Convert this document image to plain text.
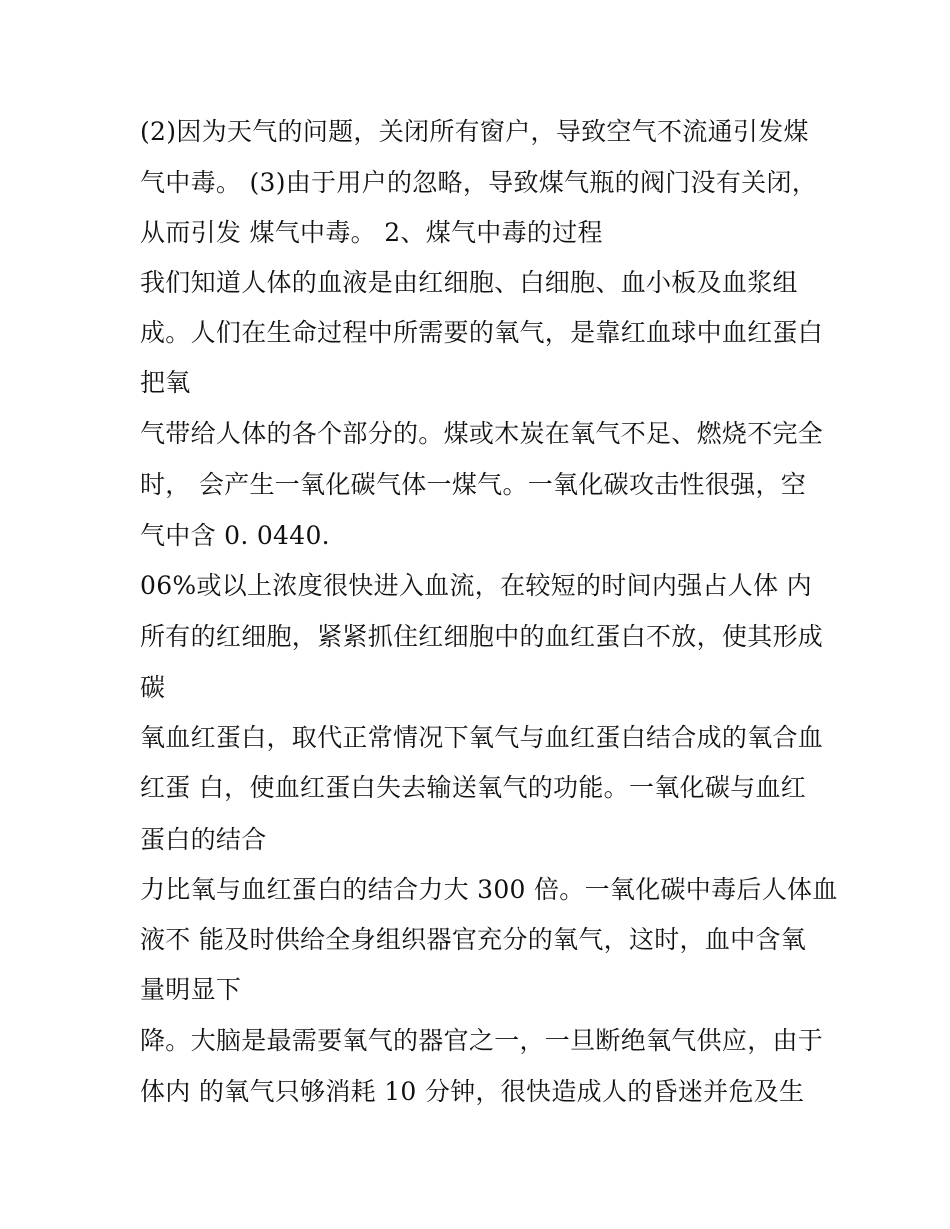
(2)因为天气的问题，关闭所有窗户，导致空气不流通引发煤
气中毒。 (3)由于用户的忽略，导致煤气瓶的阀门没有关闭，
从而引发 煤气中毒。 2、煤气中毒的过程
我们知道人体的血液是由红细胞、白细胞、血小板及血浆组
成。人们在生命过程中所需要的氧气，是靠红血球中血红蛋白
把氧
气带给人体的各个部分的。煤或木炭在氧气不足、燃烧不完全
时， 会产生一氧化碳气体一煤气。一氧化碳攻击性很强，空
气中含 0. 0440.
06%或以上浓度很快进入血流，在较短的时间内强占人体 内
所有的红细胞，紧紧抓住红细胞中的血红蛋白不放，使其形成
碳
氧血红蛋白，取代正常情况下氧气与血红蛋白结合成的氧合血
红蛋 白，使血红蛋白失去输送氧气的功能。一氧化碳与血红
蛋白的结合
力比氧与血红蛋白的结合力大 300 倍。一氧化碳中毒后人体血
液不 能及时供给全身组织器官充分的氧气，这时，血中含氧
量明显下
降。大脑是最需要氧气的器官之一，一旦断绝氧气供应，由于
体内 的氧气只够消耗 10 分钟，很快造成人的昏迷并危及生
